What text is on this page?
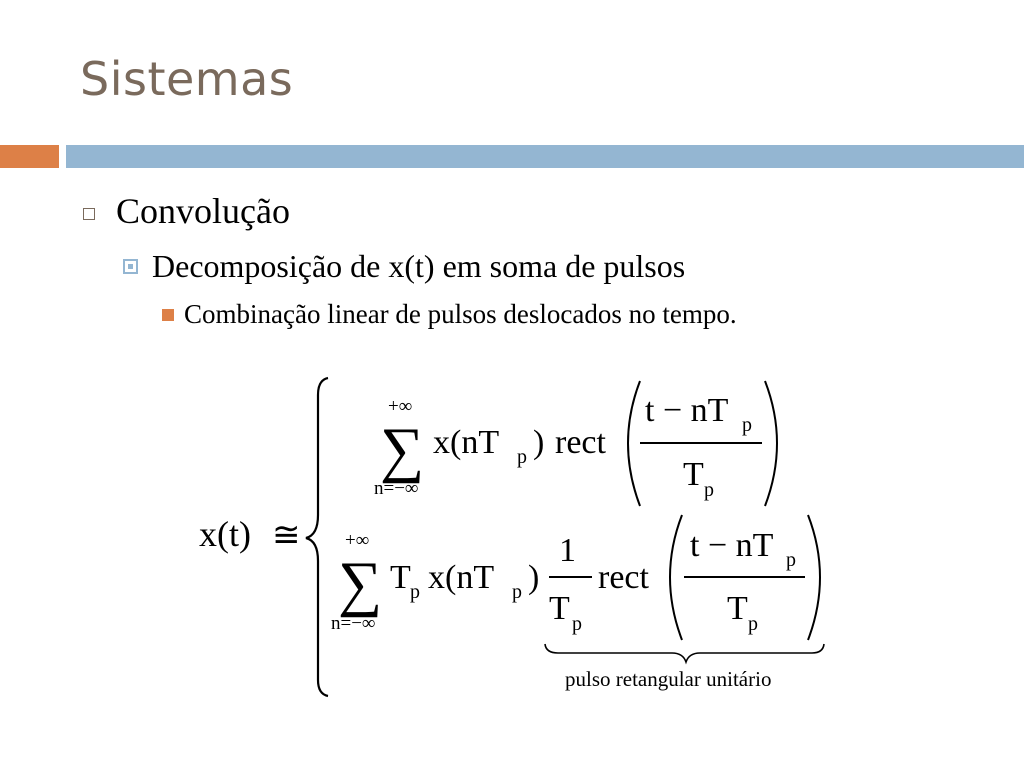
Sistemas
Convolução
Decomposição de x(t) em soma de pulsos
Combinação linear de pulsos deslocados no tempo.
x(t) ≅
+∞
∑
n=−∞
x(nT p ) rect
t − nT p
T p
+∞
∑
n=−∞
T p x(nT p )
1
T p
rect
t − nT p
T p
pulso retangular unitário
